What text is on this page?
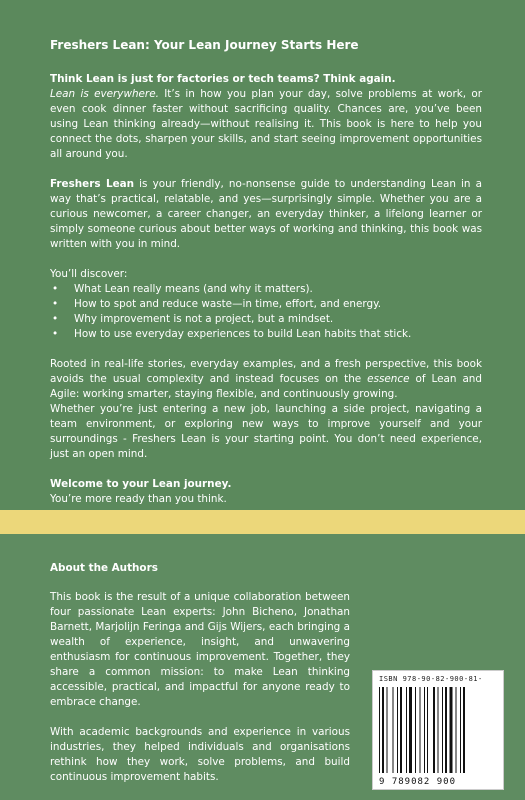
Freshers Lean: Your Lean Journey Starts Here

Think Lean is just for factories or tech teams? Think again.

Lean is everywhere. It’s in how you plan your day, solve problems at work, or even cook dinner faster without sacrificing quality. Chances are, you’ve been using Lean thinking already—without realising it. This book is here to help you connect the dots, sharpen your skills, and start seeing improvement opportunities all around you.

Freshers Lean is your friendly, no-nonsense guide to understanding Lean in a way that’s practical, relatable, and yes—surprisingly simple. Whether you are a curious newcomer, a career changer, an everyday thinker, a lifelong learner or simply someone curious about better ways of working and thinking, this book was written with you in mind.

You’ll discover:

• What Lean really means (and why it matters).
• How to spot and reduce waste—in time, effort, and energy.
• Why improvement is not a project, but a mindset.
• How to use everyday experiences to build Lean habits that stick.

Rooted in real-life stories, everyday examples, and a fresh perspective, this book avoids the usual complexity and instead focuses on the essence of Lean and Agile: working smarter, staying flexible, and continuously growing.

Whether you’re just entering a new job, launching a side project, navigating a team environment, or exploring new ways to improve yourself and your surroundings - Freshers Lean is your starting point. You don’t need experience, just an open mind.

Welcome to your Lean journey.

You’re more ready than you think.

About the Authors

This book is the result of a unique collaboration between four passionate Lean experts: John Bicheno, Jonathan Barnett, Marjolijn Feringa and Gijs Wijers, each bringing a wealth of experience, insight, and unwavering enthusiasm for continuous improvement. Together, they share a common mission: to make Lean thinking accessible, practical, and impactful for anyone ready to embrace change.

With academic backgrounds and experience in various industries, they helped individuals and organisations rethink how they work, solve problems, and build continuous improvement habits.

ISBN 978-90-82-900-81-
9 789082 900
